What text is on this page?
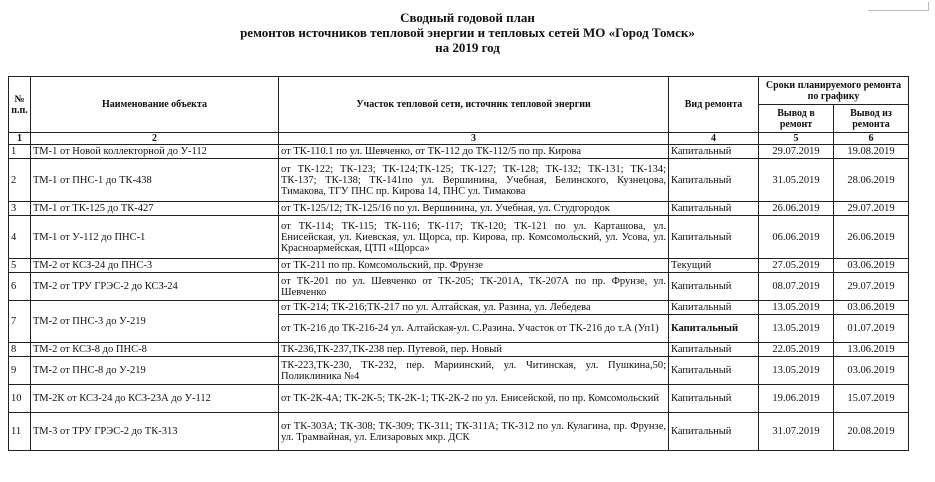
Сводный годовой план
ремонтов источников тепловой энергии и тепловых сетей МО «Город Томск»
на 2019 год
№ п.п.	Наименование объекта	Участок тепловой сети, источник тепловой энергии	Вид ремонта	Сроки планируемого ремонта по графику	
				Вывод в ремонт	Вывод из ремонта
1	2	3	4	5	6
1	ТМ-1 от Новой коллекторной до У-112	от ТК-110.1 по ул. Шевченко, от ТК-112 до ТК-112/5 по пр. Кирова	Капитальный	29.07.2019	19.08.2019
2	ТМ-1 от ПНС-1 до ТК-438	от ТК-122; ТК-123; ТК-124;ТК-125; ТК-127; ТК-128; ТК-132; ТК-131; ТК-134; ТК-137; ТК-138; ТК-141по ул. Вершинина, Учебная, Белинского, Кузнецова, Тимакова, ТГУ ПНС пр. Кирова 14, ПНС ул. Тимакова	Капитальный	31.05.2019	28.06.2019
3	ТМ-1 от ТК-125 до ТК-427	от ТК-125/12; ТК-125/16 по ул. Вершинина, ул. Учебная, ул. Студгородок	Капитальный	26.06.2019	29.07.2019
4	ТМ-1 от У-112 до ПНС-1	от ТК-114; ТК-115; ТК-116; ТК-117; ТК-120; ТК-121 по ул. Карташова, ул. Енисейская, ул. Киевская, ул. Щорса, пр. Кирова, пр. Комсомольский, ул. Усова, ул. Красноармейская, ЦТП «Щорса»	Капитальный	06.06.2019	26.06.2019
5	ТМ-2 от КСЗ-24 до ПНС-3	от ТК-211 по пр. Комсомольский, пр. Фрунзе	Текущий	27.05.2019	03.06.2019
6	ТМ-2 от ТРУ ГРЭС-2 до КСЗ-24	от ТК-201 по ул. Шевченко от ТК-205; ТК-201А, ТК-207А по пр. Фрунзе, ул. Шевченко	Капитальный	08.07.2019	29.07.2019
7	ТМ-2 от ПНС-3 до У-219	от ТК-214; ТК-216;ТК-217 по ул. Алтайская, ул. Разина, ул. Лебедева	Капитальный	13.05.2019	03.06.2019
		от ТК-216 до ТК-216-24 ул. Алтайская-ул. С.Разина. Участок от ТК-216 до т.А (Уп1)	Капитальный	13.05.2019	01.07.2019
8	ТМ-2 от КСЗ-8 до ПНС-8	ТК-236,ТК-237,ТК-238 пер. Путевой, пер. Новый	Капитальный	22.05.2019	13.06.2019
9	ТМ-2 от ПНС-8 до У-219	ТК-223,ТК-230, ТК-232, пер. Мариинский, ул. Читинская, ул. Пушкина,50; Поликлиника №4	Капитальный	13.05.2019	03.06.2019
10	ТМ-2К от КСЗ-24 до КСЗ-23А до У-112	от ТК-2К-4А; ТК-2К-5; ТК-2К-1; ТК-2К-2 по ул. Енисейской, по пр. Комсомольский	Капитальный	19.06.2019	15.07.2019
11	ТМ-3 от ТРУ ГРЭС-2 до ТК-313	от ТК-303А; ТК-308; ТК-309; ТК-311; ТК-311А; ТК-312 по ул. Кулагина, пр. Фрунзе, ул. Трамвайная, ул. Елизаровых мкр. ДСК	Капитальный	31.07.2019	20.08.2019
